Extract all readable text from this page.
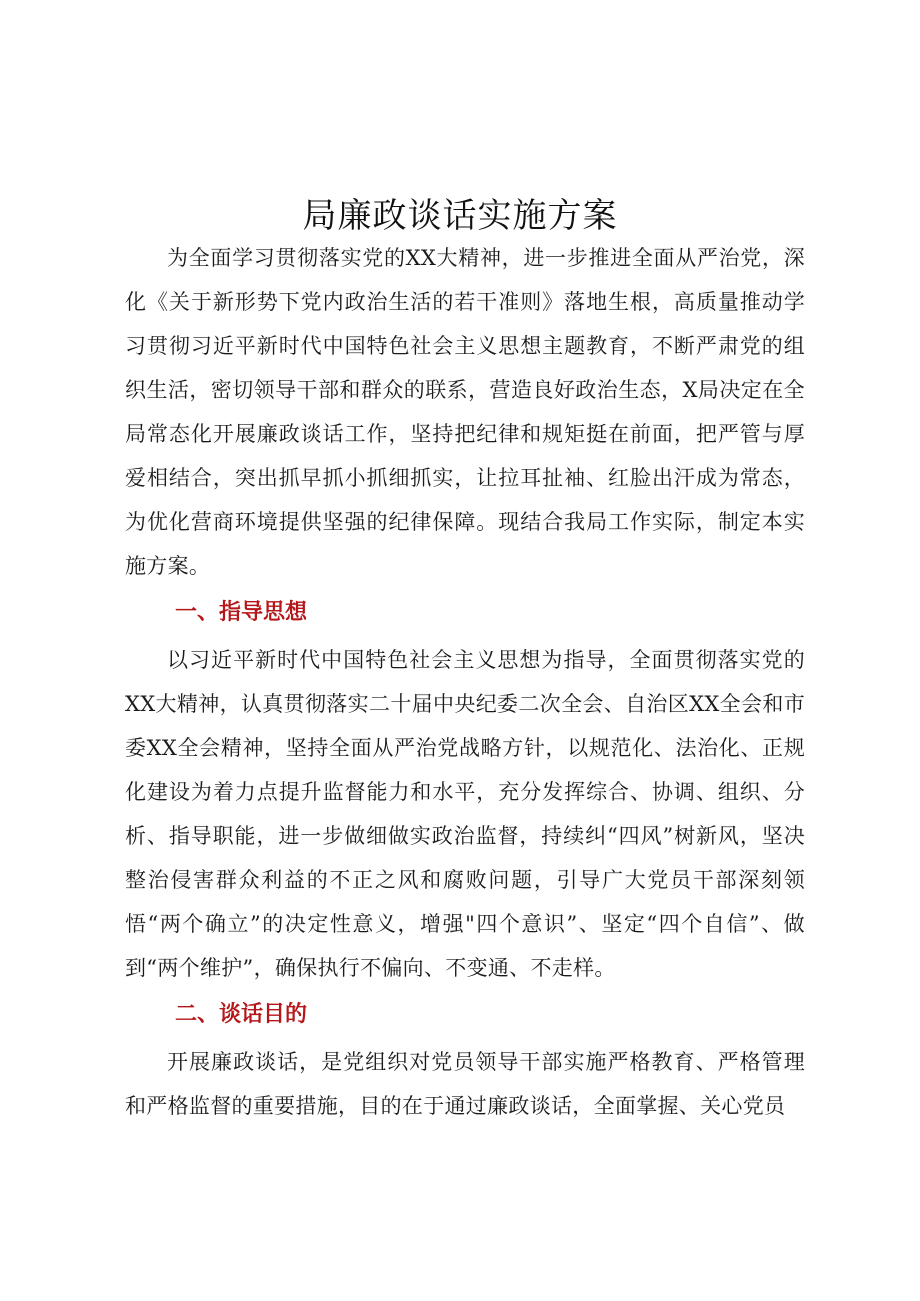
局廉政谈话实施方案

为全面学习贯彻落实党的XX大精神，进一步推进全面从严治党，深化《关于新形势下党内政治生活的若干准则》落地生根，高质量推动学习贯彻习近平新时代中国特色社会主义思想主题教育，不断严肃党的组织生活，密切领导干部和群众的联系，营造良好政治生态，X局决定在全局常态化开展廉政谈话工作，坚持把纪律和规矩挺在前面，把严管与厚爱相结合，突出抓早抓小抓细抓实，让拉耳扯袖、红脸出汗成为常态，为优化营商环境提供坚强的纪律保障。现结合我局工作实际，制定本实施方案。

一、指导思想

以习近平新时代中国特色社会主义思想为指导，全面贯彻落实党的XX大精神，认真贯彻落实二十届中央纪委二次全会、自治区XX全会和市委XX全会精神，坚持全面从严治党战略方针，以规范化、法治化、正规化建设为着力点提升监督能力和水平，充分发挥综合、协调、组织、分析、指导职能，进一步做细做实政治监督，持续纠“四风”树新风，坚决整治侵害群众利益的不正之风和腐败问题，引导广大党员干部深刻领悟“两个确立”的决定性意义，增强"四个意识”、坚定“四个自信”、做到“两个维护”，确保执行不偏向、不变通、不走样。

二、谈话目的

开展廉政谈话，是党组织对党员领导干部实施严格教育、严格管理和严格监督的重要措施，目的在于通过廉政谈话，全面掌握、关心党员
